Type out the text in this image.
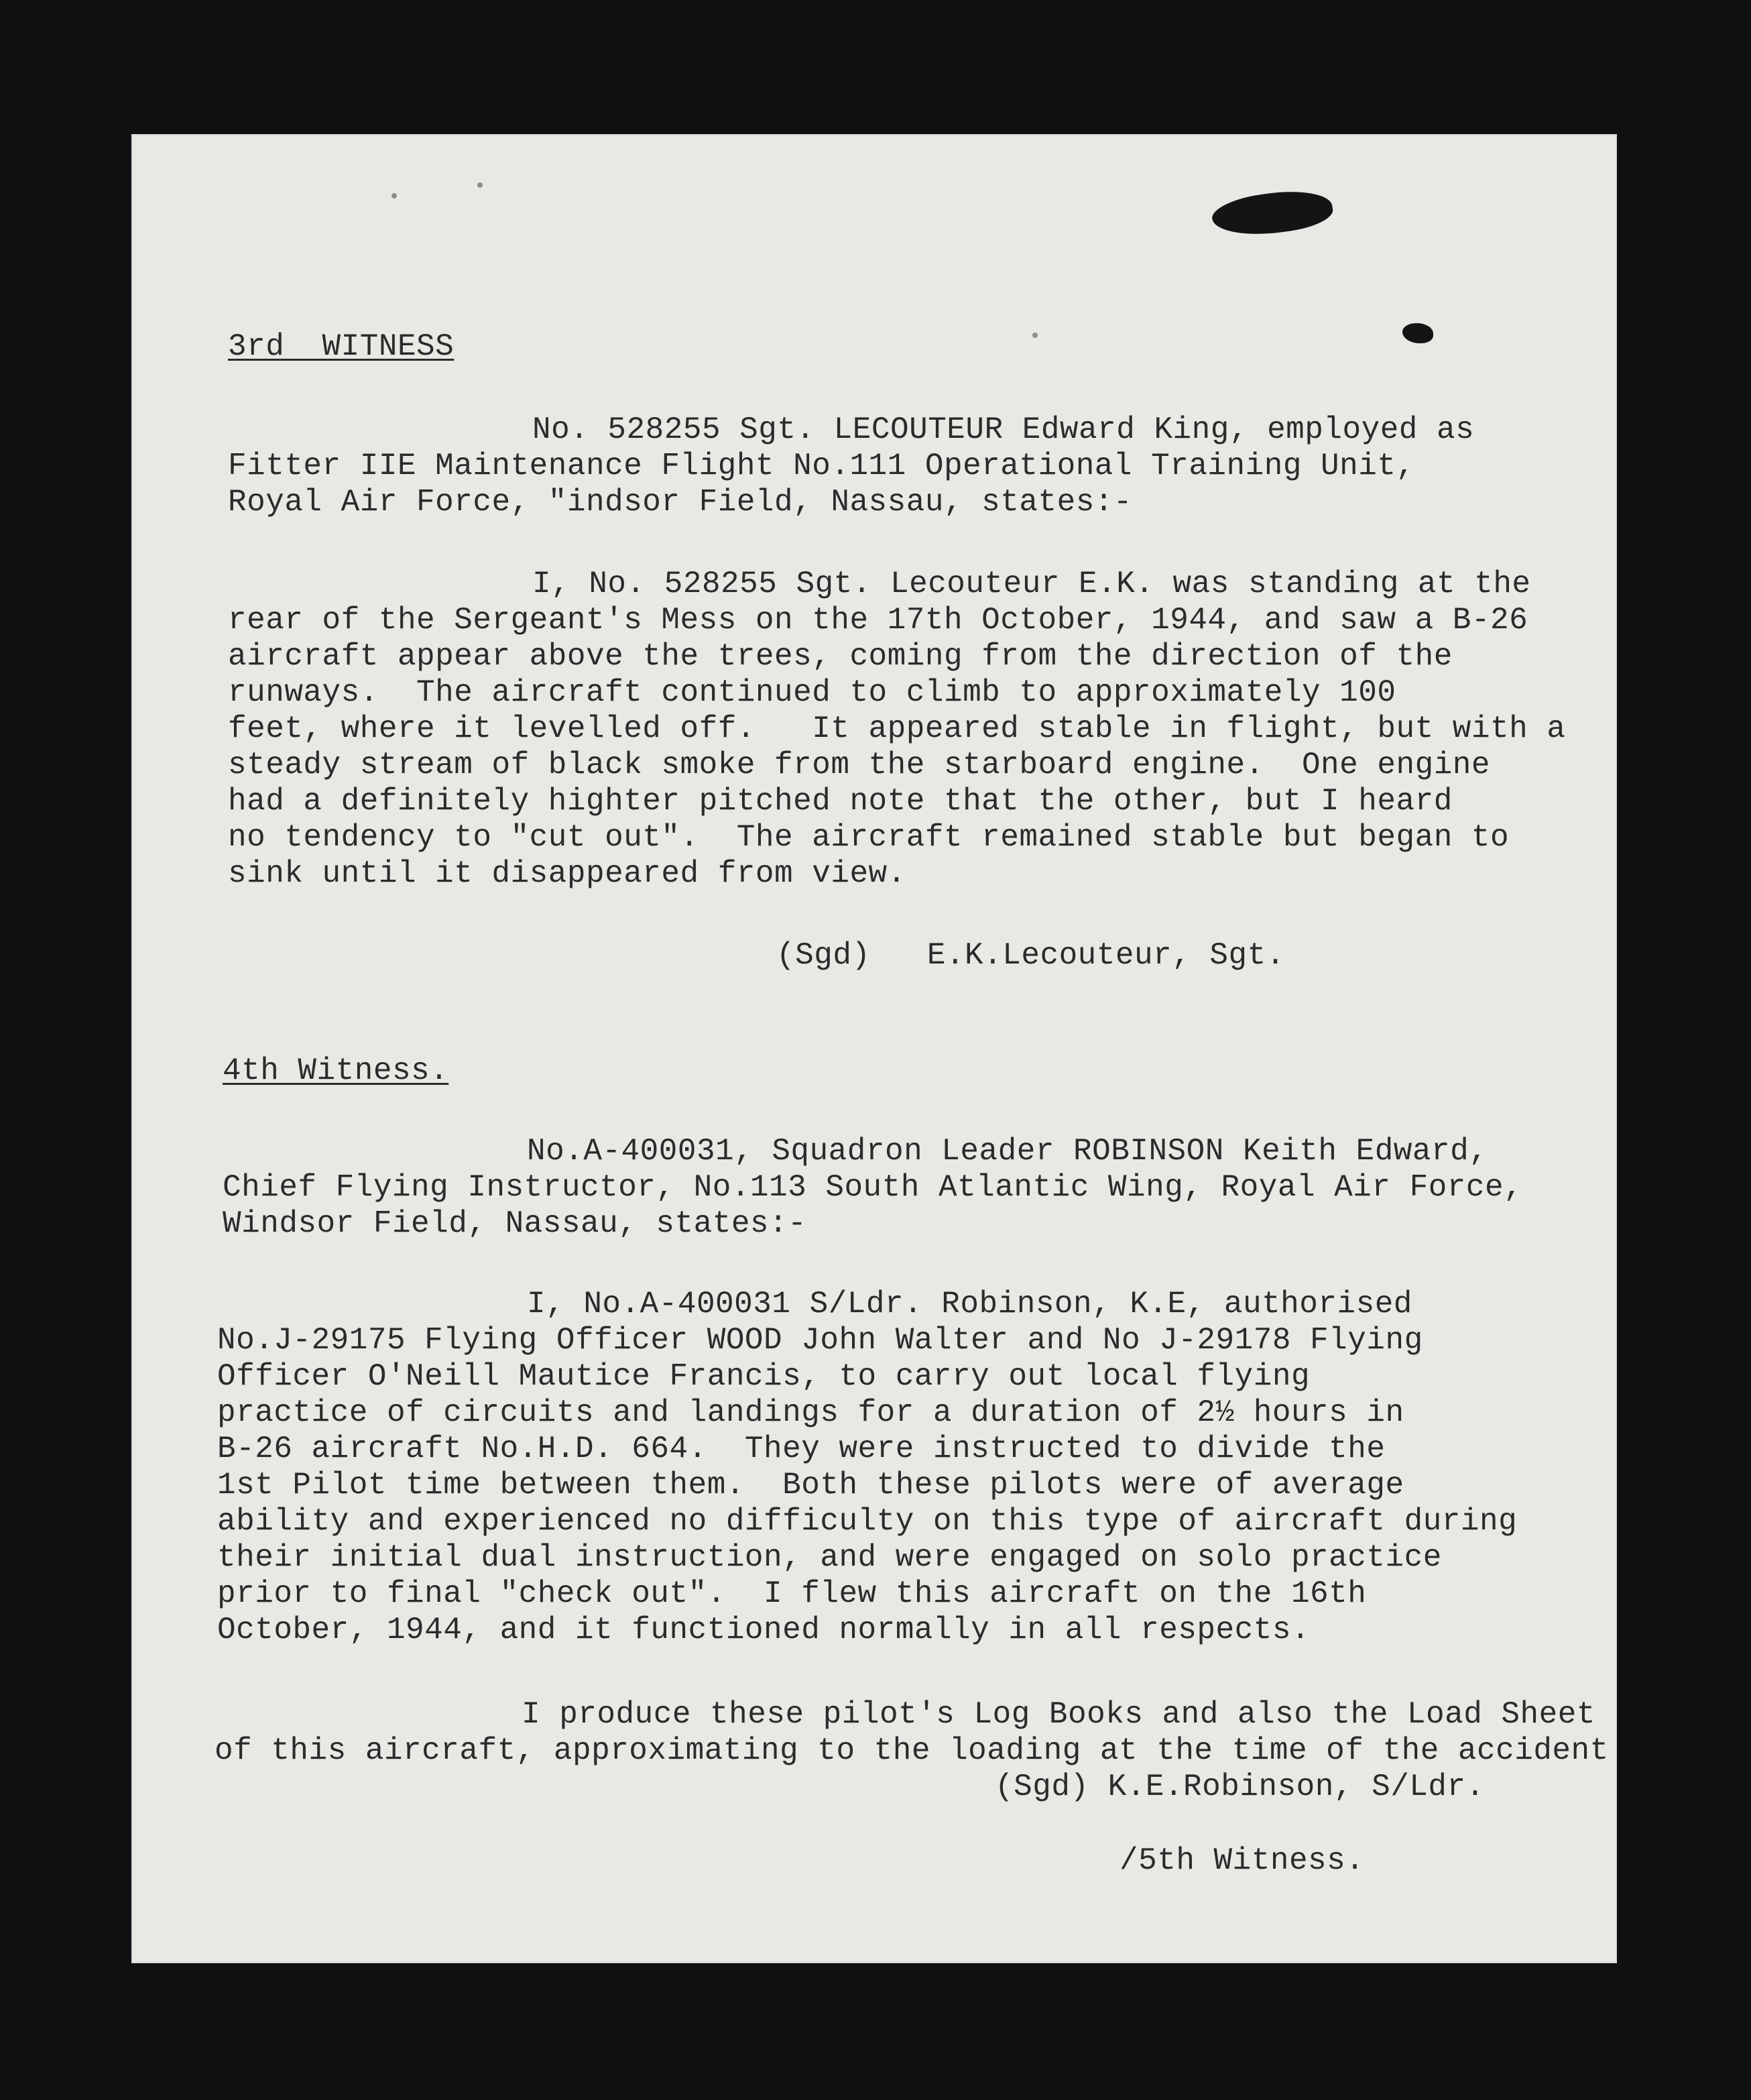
3rd  WITNESS
No. 528255 Sgt. LECOUTEUR Edward King, employed as
Fitter IIE Maintenance Flight No.111 Operational Training Unit,
Royal Air Force, "indsor Field, Nassau, states:-
I, No. 528255 Sgt. Lecouteur E.K. was standing at the
rear of the Sergeant's Mess on the 17th October, 1944, and saw a B-26
aircraft appear above the trees, coming from the direction of the
runways.  The aircraft continued to climb to approximately 100
feet, where it levelled off.   It appeared stable in flight, but with a
steady stream of black smoke from the starboard engine.  One engine
had a definitely highter pitched note that the other, but I heard
no tendency to "cut out".  The aircraft remained stable but began to
sink until it disappeared from view.
(Sgd)   E.K.Lecouteur, Sgt.
4th Witness.
No.A-400031, Squadron Leader ROBINSON Keith Edward,
Chief Flying Instructor, No.113 South Atlantic Wing, Royal Air Force,
Windsor Field, Nassau, states:-
I, No.A-400031 S/Ldr. Robinson, K.E, authorised
No.J-29175 Flying Officer WOOD John Walter and No J-29178 Flying
Officer O'Neill Mautice Francis, to carry out local flying
practice of circuits and landings for a duration of 2½ hours in
B-26 aircraft No.H.D. 664.  They were instructed to divide the
1st Pilot time between them.  Both these pilots were of average
ability and experienced no difficulty on this type of aircraft during
their initial dual instruction, and were engaged on solo practice
prior to final "check out".  I flew this aircraft on the 16th
October, 1944, and it functioned normally in all respects.
I produce these pilot's Log Books and also the Load Sheet
of this aircraft, approximating to the loading at the time of the accident
(Sgd) K.E.Robinson, S/Ldr.
/5th Witness.
